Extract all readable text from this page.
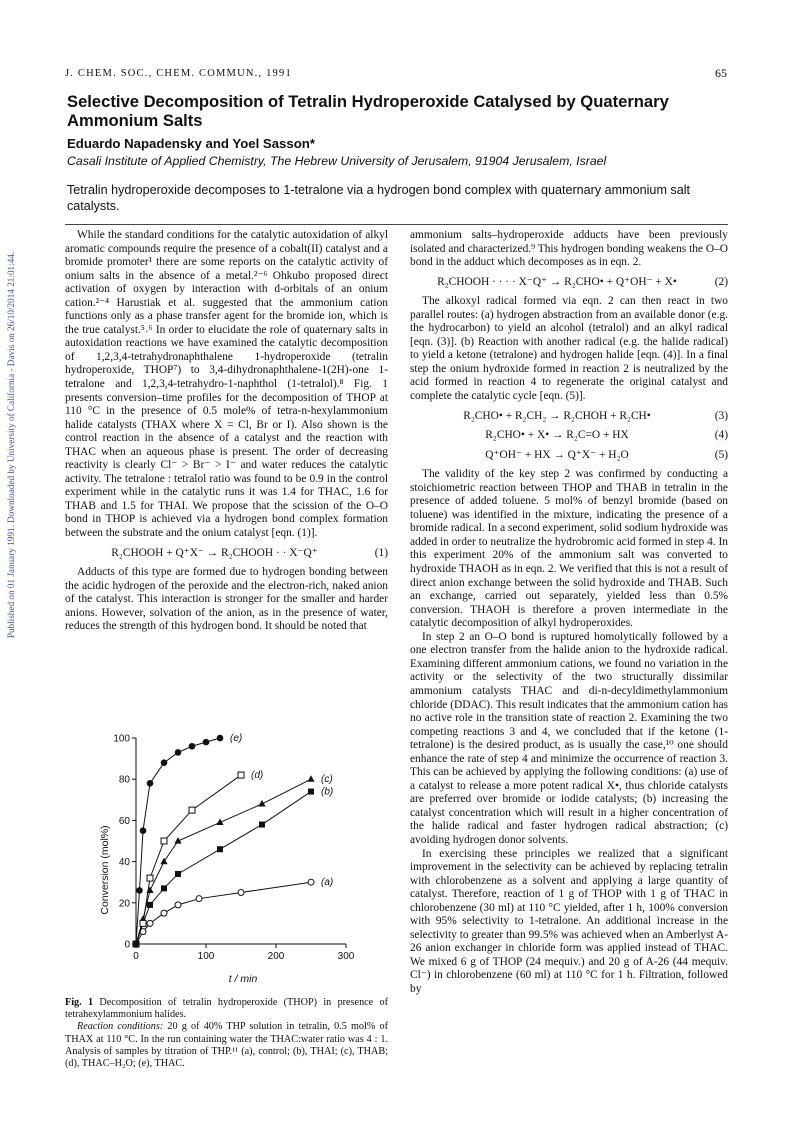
Published on 01 January 1991. Downloaded by University of California - Davis on 26/10/2014 21:01:44.
J. CHEM. SOC., CHEM. COMMUN., 1991	65
Selective Decomposition of Tetralin Hydroperoxide Catalysed by Quaternary Ammonium Salts
Eduardo Napadensky and Yoel Sasson*
Casali Institute of Applied Chemistry, The Hebrew University of Jerusalem, 91904 Jerusalem, Israel
Tetralin hydroperoxide decomposes to 1-tetralone via a hydrogen bond complex with quaternary ammonium salt catalysts.

While the standard conditions for the catalytic autoxidation of alkyl aromatic compounds require the presence of a cobalt(II) catalyst and a bromide promoter¹ there are some reports on the catalytic activity of onium salts in the absence of a metal.²⁻⁶ Ohkubo proposed direct activation of oxygen by interaction with d-orbitals of an onium cation.²⁻⁴ Harustiak et al. suggested that the ammonium cation functions only as a phase transfer agent for the bromide ion, which is the true catalyst.⁵˒⁶ In order to elucidate the role of quaternary salts in autoxidation reactions we have examined the catalytic decomposition of 1,2,3,4-tetrahydronaphthalene 1-hydroperoxide (tetralin hydroperoxide, THOP⁷) to 3,4-dihydronaphthalene-1(2H)-one 1-tetralone and 1,2,3,4-tetrahydro-1-naphthol (1-tetralol).⁸ Fig. 1 presents conversion–time profiles for the decomposition of THOP at 110 °C in the presence of 0.5 mole% of tetra-n-hexylammonium halide catalysts (THAX where X = Cl, Br or I). Also shown is the control reaction in the absence of a catalyst and the reaction with THAC when an aqueous phase is present. The order of decreasing reactivity is clearly Cl⁻ > Br⁻ > I⁻ and water reduces the catalytic activity. The tetralone : tetralol ratio was found to be 0.9 in the control experiment while in the catalytic runs it was 1.4 for THAC, 1.6 for THAB and 1.5 for THAI. We propose that the scission of the O–O bond in THOP is achieved via a hydrogen bond complex formation between the substrate and the onium catalyst [eqn. (1)].

R₂CHOOH + Q⁺X⁻ → R₂CHOOH · · X⁻Q⁺	(1)

Adducts of this type are formed due to hydrogen bonding between the acidic hydrogen of the peroxide and the electron-rich, naked anion of the catalyst. This interaction is stronger for the smaller and harder anions. However, solvation of the anion, as in the presence of water, reduces the strength of this hydrogen bond. It should be noted that

ammonium salts–hydroperoxide adducts have been previously isolated and characterized.⁹ This hydrogen bonding weakens the O–O bond in the adduct which decomposes as in eqn. 2.

R₂CHOOH · · · · X⁻Q⁺ → R₂CHO• + Q⁺OH⁻ + X•	(2)

The alkoxyl radical formed via eqn. 2 can then react in two parallel routes: (a) hydrogen abstraction from an available donor (e.g. the hydrocarbon) to yield an alcohol (tetralol) and an alkyl radical [eqn. (3)]. (b) Reaction with another radical (e.g. the halide radical) to yield a ketone (tetralone) and hydrogen halide [eqn. (4)]. In a final step the onium hydroxide formed in reaction 2 is neutralized by the acid formed in reaction 4 to regenerate the original catalyst and complete the catalytic cycle [eqn. (5)].

R₂CHO• + R₂CH₂ → R₂CHOH + R₂CH•	(3)
R₂CHO• + X• → R₂C=O + HX	(4)
Q⁺OH⁻ + HX → Q⁺X⁻ + H₂O	(5)

The validity of the key step 2 was confirmed by conducting a stoichiometric reaction between THOP and THAB in tetralin in the presence of added toluene. 5 mol% of benzyl bromide (based on toluene) was identified in the mixture, indicating the presence of a bromide radical. In a second experiment, solid sodium hydroxide was added in order to neutralize the hydrobromic acid formed in step 4. In this experiment 20% of the ammonium salt was converted to hydroxide THAOH as in eqn. 2. We verified that this is not a result of direct anion exchange between the solid hydroxide and THAB. Such an exchange, carried out separately, yielded less than 0.5% conversion. THAOH is therefore a proven intermediate in the catalytic decomposition of alkyl hydroperoxides.

In step 2 an O–O bond is ruptured homolytically followed by a one electron transfer from the halide anion to the hydroxide radical. Examining different ammonium cations, we found no variation in the activity or the selectivity of the two structurally dissimilar ammonium catalysts THAC and di-n-decyldimethylammonium chloride (DDAC). This result indicates that the ammonium cation has no active role in the transition state of reaction 2. Examining the two competing reactions 3 and 4, we concluded that if the ketone (1-tetralone) is the desired product, as is usually the case,¹⁰ one should enhance the rate of step 4 and minimize the occurrence of reaction 3. This can be achieved by applying the following conditions: (a) use of a catalyst to release a more potent radical X•, thus chloride catalysts are preferred over bromide or iodide catalysts; (b) increasing the catalyst concentration which will result in a higher concentration of the halide radical and faster hydrogen radical abstraction; (c) avoiding hydrogen donor solvents.

In exercising these principles we realized that a significant improvement in the selectivity can be achieved by replacing tetralin with chlorobenzene as a solvent and applying a large quantity of catalyst. Therefore, reaction of 1 g of THOP with 1 g of THAC in chlorobenzene (30 ml) at 110 °C yielded, after 1 h, 100% conversion with 95% selectivity to 1-tetralone. An additional increase in the selectivity to greater than 99.5% was achieved when an Amberlyst A-26 anion exchanger in chloride form was applied instead of THAC. We mixed 6 g of THOP (24 mequiv.) and 20 g of A-26 (44 mequiv. Cl⁻) in chlorobenzene (60 ml) at 110 °C for 1 h. Filtration, followed by

0	100	200	300
0
20
40
60
80
100
(a)
(b)
(c)
(d)
(e)
Conversion (mol%)
t / min

Fig. 1 Decomposition of tetralin hydroperoxide (THOP) in presence of tetrahexylammonium halides.

Reaction conditions: 20 g of 40% THP solution in tetralin, 0.5 mol% of THAX at 110 °C. In the run containing water the THAC:water ratio was 4 : 1. Analysis of samples by titration of THP.¹¹ (a), control; (b), THAI; (c), THAB; (d), THAC–H₂O; (e), THAC.
